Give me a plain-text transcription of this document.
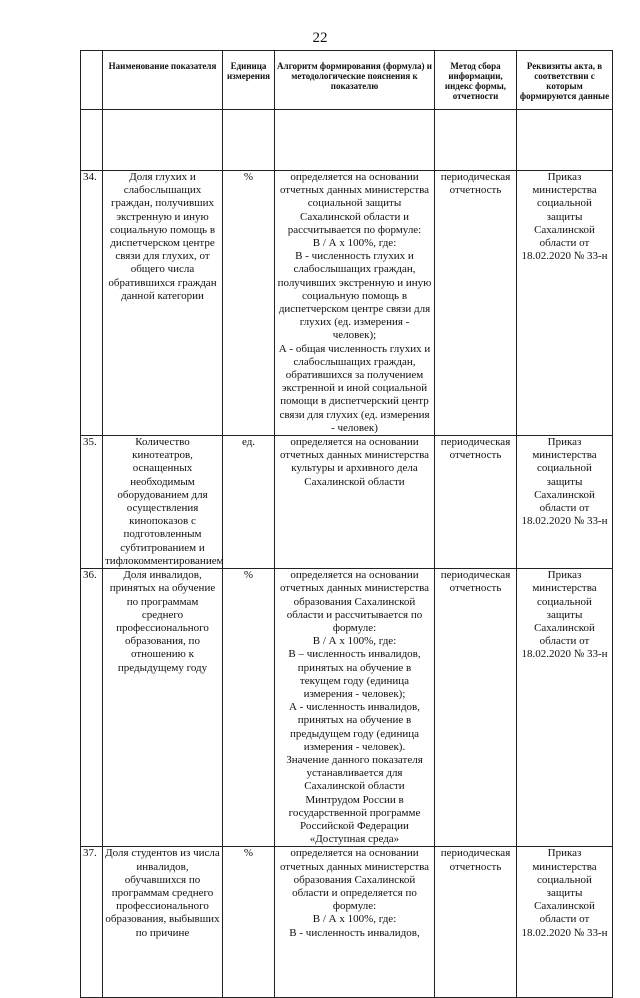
22
	Наименование показателя	Единица измерения	Алгоритм формирования (формула) и методологические пояснения к показателю	Метод сбора информации, индекс формы, отчетности	Реквизиты акта, в соответствии с которым формируются данные

34.	Доля глухих и слабослышащих граждан, получивших экстренную и иную социальную помощь в диспетчерском центре связи для глухих, от общего числа обратившихся граждан данной категории	%	определяется на основании отчетных данных министерства социальной защиты Сахалинской области и рассчитывается по формуле:
В / А х 100%, где:
В - численность глухих и слабослышащих граждан, получивших экстренную и иную социальную помощь в диспетчерском центре связи для глухих (ед. измерения - человек);
А - общая численность глухих и слабослышащих граждан, обратившихся за получением экстренной и иной социальной помощи в диспетчерский центр связи для глухих (ед. измерения - человек)	периодическая отчетность	Приказ министерства социальной защиты Сахалинской области от 18.02.2020 № 33-н
35.	Количество кинотеатров, оснащенных необходимым оборудованием для осуществления кинопоказов с подготовленным субтитрованием и тифлокомментированием	ед.	определяется на основании отчетных данных министерства культуры и архивного дела Сахалинской области	периодическая отчетность	Приказ министерства социальной защиты Сахалинской области от 18.02.2020 № 33-н
36.	Доля инвалидов, принятых на обучение по программам среднего профессионального образования, по отношению к предыдущему году	%	определяется на основании отчетных данных министерства образования Сахалинской области и рассчитывается по формуле:
В / А х 100%, где:
В – численность инвалидов, принятых на обучение в текущем году (единица измерения - человек);
А - численность инвалидов, принятых на обучение в предыдущем году (единица измерения - человек).
Значение данного показателя устанавливается для Сахалинской области Минтрудом России в государственной программе Российской Федерации «Доступная среда»	периодическая отчетность	Приказ министерства социальной защиты Сахалинской области от 18.02.2020 № 33-н
37.	Доля студентов из числа инвалидов, обучавшихся по программам среднего профессионального образования, выбывших по причине	%	определяется на основании отчетных данных министерства образования Сахалинской области и определяется по формуле:
В / А х 100%, где:
В - численность инвалидов,	периодическая отчетность	Приказ министерства социальной защиты Сахалинской области от 18.02.2020 № 33-н
